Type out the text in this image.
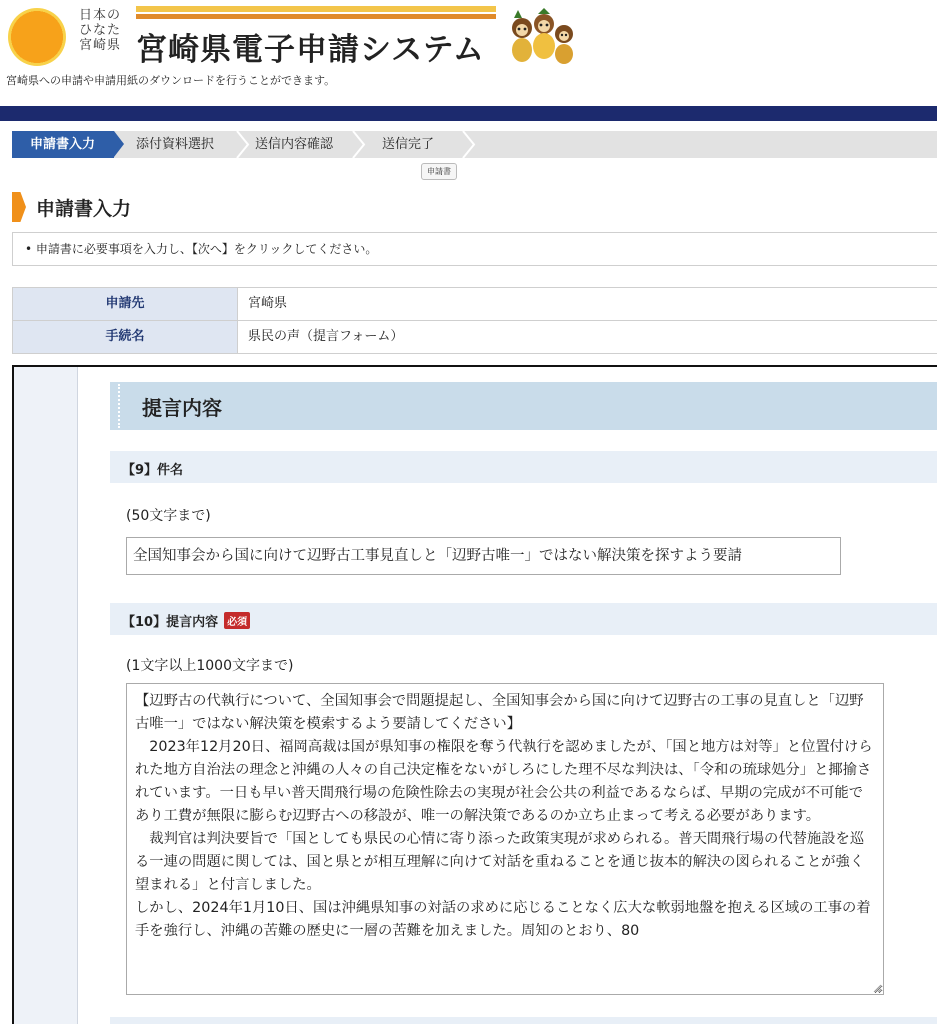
日本の
ひなた
宮崎県 宮崎県電子申請システム
宮崎県への申請や申請用紙のダウンロードを行うことができます。
申請書入力	添付資料選択	送信内容確認	送信完了
申請書
申請書入力
• 申請書に必要事項を入力し、【次へ】をクリックしてください。
申請先	宮崎県
手続名	県民の声（提言フォーム）
提言内容
【9】件名
(50文字まで)
全国知事会から国に向けて辺野古工事見直しと「辺野古唯一」ではない解決策を探すよう要請
【10】提言内容 必須
(1文字以上1000文字まで)
【辺野古の代執行について、全国知事会で問題提起し、全国知事会から国に向けて辺野古の工事の見直しと「辺野古唯一」ではない解決策を模索するよう要請してください】
　2023年12月20日、福岡高裁は国が県知事の権限を奪う代執行を認めましたが、「国と地方は対等」と位置付けられた地方自治法の理念と沖縄の人々の自己決定権をないがしろにした理不尽な判決は、「令和の琉球処分」と揶揄されています。一日も早い普天間飛行場の危険性除去の実現が社会公共の利益であるならば、早期の完成が不可能であり工費が無限に膨らむ辺野古への移設が、唯一の解決策であるのか立ち止まって考える必要があります。
　裁判官は判決要旨で「国としても県民の心情に寄り添った政策実現が求められる。普天間飛行場の代替施設を巡る一連の問題に関しては、国と県とが相互理解に向けて対話を重ねることを通じ抜本的解決の図られることが強く望まれる」と付言しました。
しかし、2024年1月10日、国は沖縄県知事の対話の求めに応じることなく広大な軟弱地盤を抱える区域の工事の着手を強行し、沖縄の苦難の歴史に一層の苦難を加えました。周知のとおり、80
